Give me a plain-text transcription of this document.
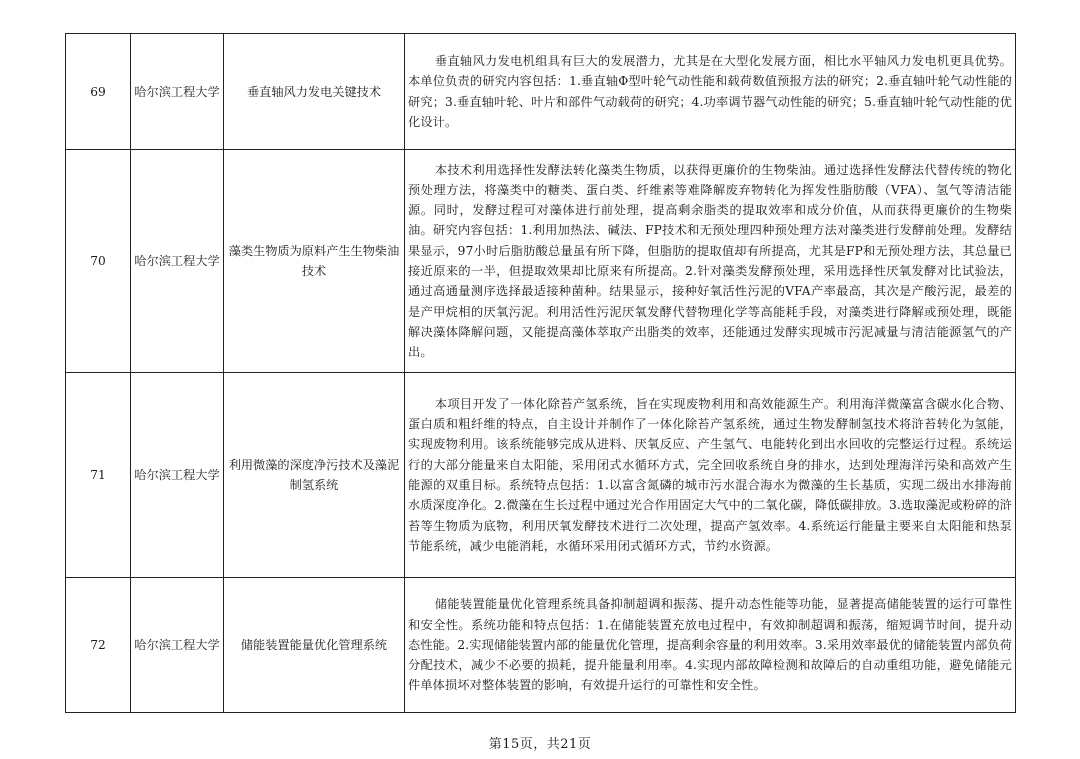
69	哈尔滨工程大学	垂直轴风力发电关键技术	垂直轴风力发电机组具有巨大的发展潜力，尤其是在大型化发展方面，相比水平轴风力发电机更具优势。本单位负责的研究内容包括：1.垂直轴Φ型叶轮气动性能和载荷数值预报方法的研究；2.垂直轴叶轮气动性能的研究；3.垂直轴叶轮、叶片和部件气动载荷的研究；4.功率调节器气动性能的研究；5.垂直轴叶轮气动性能的优化设计。

70	哈尔滨工程大学	藻类生物质为原料产生生物柴油技术	本技术利用选择性发酵法转化藻类生物质，以获得更廉价的生物柴油。通过选择性发酵法代替传统的物化预处理方法，将藻类中的糖类、蛋白类、纤维素等难降解废弃物转化为挥发性脂肪酸（VFA）、氢气等清洁能源。同时，发酵过程可对藻体进行前处理，提高剩余脂类的提取效率和成分价值，从而获得更廉价的生物柴油。研究内容包括：1.利用加热法、碱法、FP技术和无预处理四种预处理方法对藻类进行发酵前处理。发酵结果显示，97小时后脂肪酸总量虽有所下降，但脂肪的提取值却有所提高，尤其是FP和无预处理方法，其总量已接近原来的一半，但提取效果却比原来有所提高。2.针对藻类发酵预处理，采用选择性厌氧发酵对比试验法，通过高通量测序选择最适接种菌种。结果显示，接种好氧活性污泥的VFA产率最高，其次是产酸污泥，最差的是产甲烷相的厌氧污泥。利用活性污泥厌氧发酵代替物理化学等高能耗手段，对藻类进行降解或预处理，既能解决藻体降解问题，又能提高藻体萃取产出脂类的效率，还能通过发酵实现城市污泥减量与清洁能源氢气的产出。

71	哈尔滨工程大学	利用微藻的深度净污技术及藻泥制氢系统	本项目开发了一体化除苔产氢系统，旨在实现废物利用和高效能源生产。利用海洋微藻富含碳水化合物、蛋白质和粗纤维的特点，自主设计并制作了一体化除苔产氢系统，通过生物发酵制氢技术将浒苔转化为氢能，实现废物利用。该系统能够完成从进料、厌氧反应、产生氢气、电能转化到出水回收的完整运行过程。系统运行的大部分能量来自太阳能，采用闭式水循环方式，完全回收系统自身的排水，达到处理海洋污染和高效产生能源的双重目标。系统特点包括：1.以富含氮磷的城市污水混合海水为微藻的生长基质，实现二级出水排海前水质深度净化。2.微藻在生长过程中通过光合作用固定大气中的二氧化碳，降低碳排放。3.选取藻泥或粉碎的浒苔等生物质为底物，利用厌氧发酵技术进行二次处理，提高产氢效率。4.系统运行能量主要来自太阳能和热泵节能系统，减少电能消耗，水循环采用闭式循环方式，节约水资源。

72	哈尔滨工程大学	储能装置能量优化管理系统	储能装置能量优化管理系统具备抑制超调和振荡、提升动态性能等功能，显著提高储能装置的运行可靠性和安全性。系统功能和特点包括：1.在储能装置充放电过程中，有效抑制超调和振荡，缩短调节时间，提升动态性能。2.实现储能装置内部的能量优化管理，提高剩余容量的利用效率。3.采用效率最优的储能装置内部负荷分配技术，减少不必要的损耗，提升能量利用率。4.实现内部故障检测和故障后的自动重组功能，避免储能元件单体损坏对整体装置的影响，有效提升运行的可靠性和安全性。

第15页，共21页
